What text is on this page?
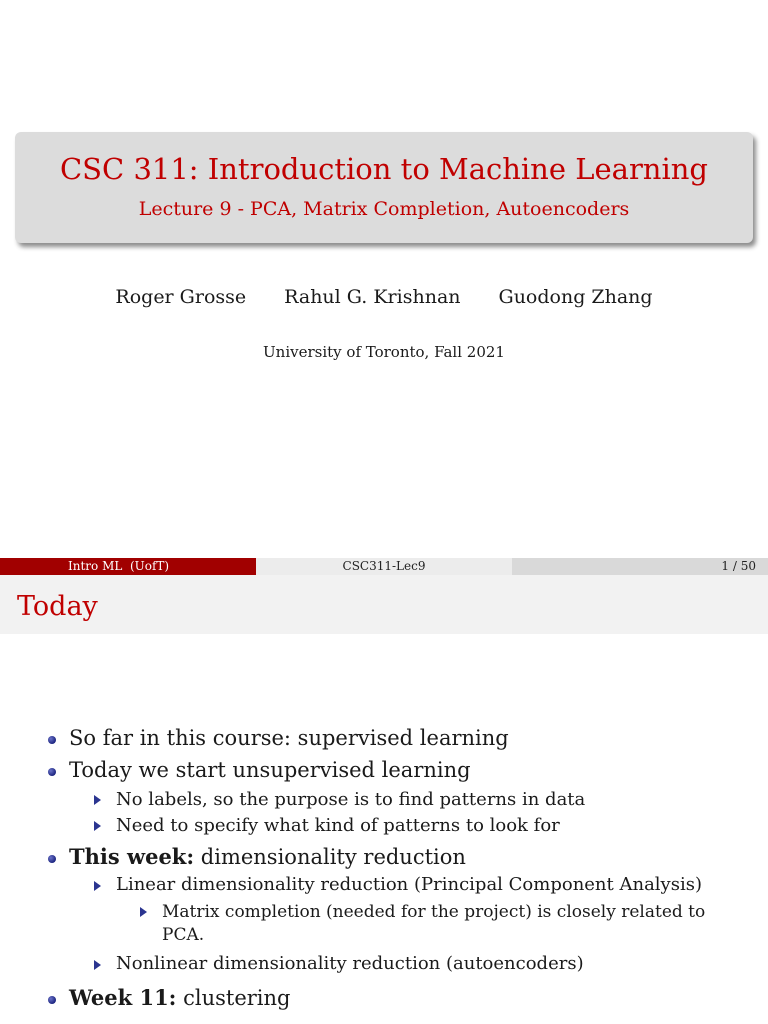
CSC 311: Introduction to Machine Learning
Lecture 9 - PCA, Matrix Completion, Autoencoders
Roger Grosse Rahul G. Krishnan Guodong Zhang
University of Toronto, Fall 2021
Intro ML  (UofT)	CSC311-Lec9	1 / 50
Today
So far in this course: supervised learning
Today we start unsupervised learning
No labels, so the purpose is to find patterns in data
Need to specify what kind of patterns to look for
This week: dimensionality reduction
Linear dimensionality reduction (Principal Component Analysis)
Matrix completion (needed for the project) is closely related to
PCA.
Nonlinear dimensionality reduction (autoencoders)
Week 11: clustering
